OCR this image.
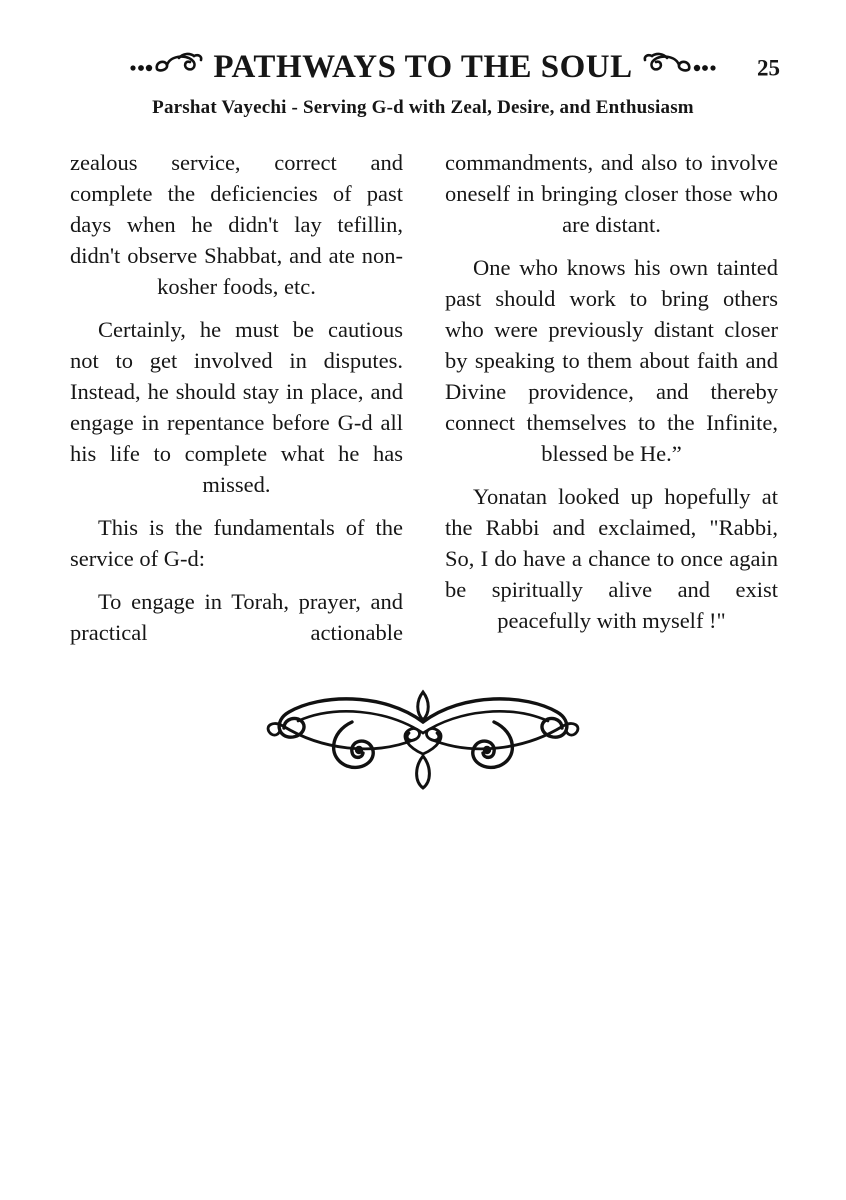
PATHWAYS TO THE SOUL	25
Parshat Vayechi - Serving G-d with Zeal, Desire, and Enthusiasm

zealous service, correct and complete the deficiencies of past days when he didn't lay tefillin, didn't observe Shabbat, and ate non-kosher foods, etc.

Certainly, he must be cautious not to get involved in disputes. Instead, he should stay in place, and engage in repentance before G-d all his life to complete what he has missed.

This is the fundamentals of the service of G-d:

To engage in Torah, prayer, and practical actionable

commandments, and also to involve oneself in bringing closer those who are distant.

One who knows his own tainted past should work to bring others who were previously distant closer by speaking to them about faith and Divine providence, and thereby connect themselves to the Infinite, blessed be He.”

Yonatan looked up hopefully at the Rabbi and exclaimed, "Rabbi, So, I do have a chance to once again be spiritually alive and exist peacefully with myself !"
